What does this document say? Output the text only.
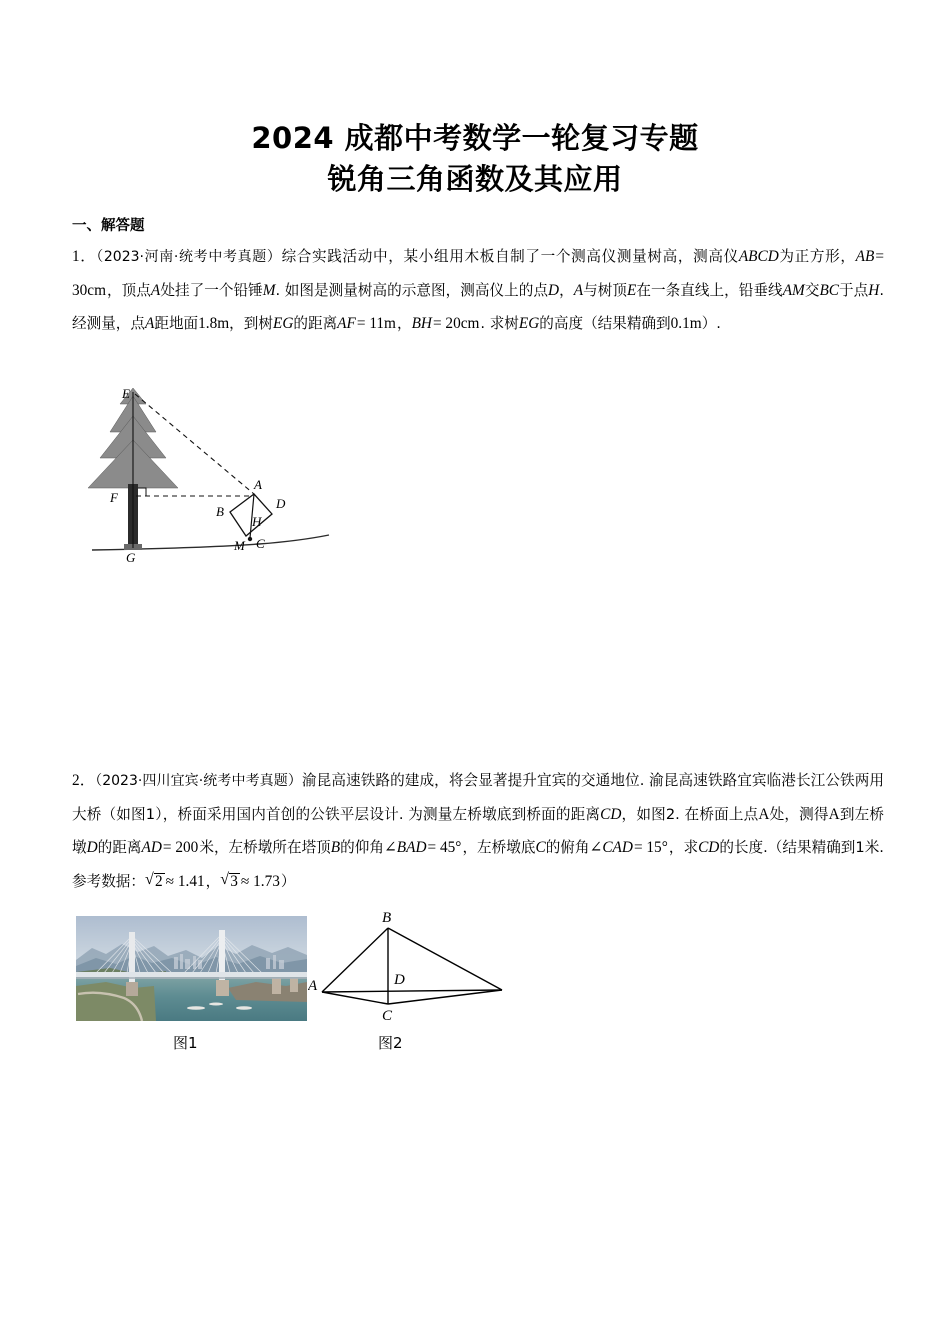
2024 成都中考数学一轮复习专题
锐角三角函数及其应用
一、解答题
1．（2023·河南·统考中考真题）综合实践活动中，某小组用木板自制了一个测高仪测量树高，测高仪ABCD为正方形，AB= 30cm，顶点A处挂了一个铅锤M. 如图是测量树高的示意图，测高仪上的点D，A与树顶E在一条直线上，铅垂线AM交BC于点H. 经测量，点A距地面1.8m，到树EG的距离AF= 11m，BH= 20cm. 求树EG的高度（结果精确到0.1m）.
E
F
G
A
B
C
D
H
M
2．（2023·四川宜宾·统考中考真题）渝昆高速铁路的建成，将会显著提升宜宾的交通地位. 渝昆高速铁路宜宾临港长江公铁两用大桥（如图1），桥面采用国内首创的公铁平层设计. 为测量左桥墩底到桥面的距离CD，如图2. 在桥面上点A处，测得A到左桥墩D的距离AD= 200米，左桥墩所在塔顶B的仰角∠BAD= 45°，左桥墩底C的俯角∠CAD= 15°，求CD的长度.（结果精确到1米. 参考数据： √ 2 ≈ 1.41， √ 3 ≈ 1.73）
B
A	D
C
图1	图2
